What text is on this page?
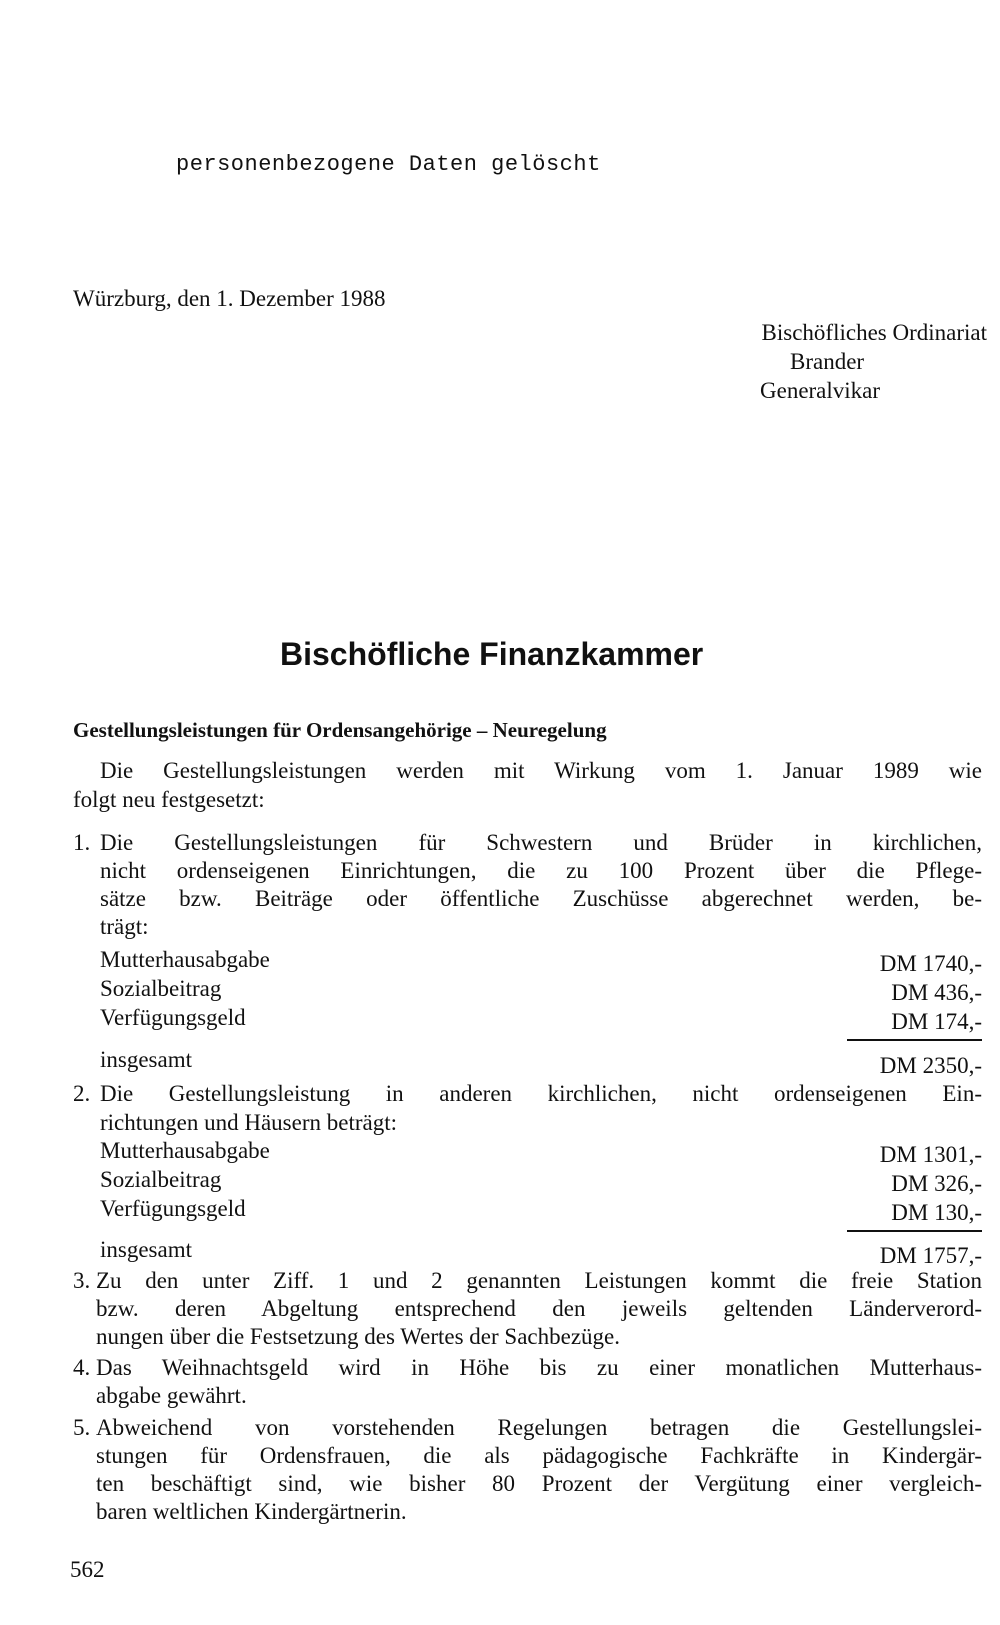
personenbezogene Daten gelöscht
Würzburg, den 1. Dezember 1988
Bischöfliches Ordinariat
Brander
Generalvikar
Bischöfliche Finanzkammer
Gestellungsleistungen für Ordensangehörige – Neuregelung
Die Gestellungsleistungen werden mit Wirkung vom 1. Januar 1989 wie
folgt neu festgesetzt:
1. Die Gestellungsleistungen für Schwestern und Brüder in kirchlichen,
nicht ordenseigenen Einrichtungen, die zu 100 Prozent über die Pflege-
sätze bzw. Beiträge oder öffentliche Zuschüsse abgerechnet werden, be-
trägt:
Mutterhausabgabe	DM 1740,-
Sozialbeitrag	DM 436,-
Verfügungsgeld	DM 174,-
insgesamt	DM 2350,-
2. Die Gestellungsleistung in anderen kirchlichen, nicht ordenseigenen Ein-
richtungen und Häusern beträgt:
Mutterhausabgabe	DM 1301,-
Sozialbeitrag	DM 326,-
Verfügungsgeld	DM 130,-
insgesamt	DM 1757,-
3. Zu den unter Ziff. 1 und 2 genannten Leistungen kommt die freie Station
bzw. deren Abgeltung entsprechend den jeweils geltenden Länderverord-
nungen über die Festsetzung des Wertes der Sachbezüge.
4. Das Weihnachtsgeld wird in Höhe bis zu einer monatlichen Mutterhaus-
abgabe gewährt.
5. Abweichend von vorstehenden Regelungen betragen die Gestellungslei-
stungen für Ordensfrauen, die als pädagogische Fachkräfte in Kindergär-
ten beschäftigt sind, wie bisher 80 Prozent der Vergütung einer vergleich-
baren weltlichen Kindergärtnerin.
562
